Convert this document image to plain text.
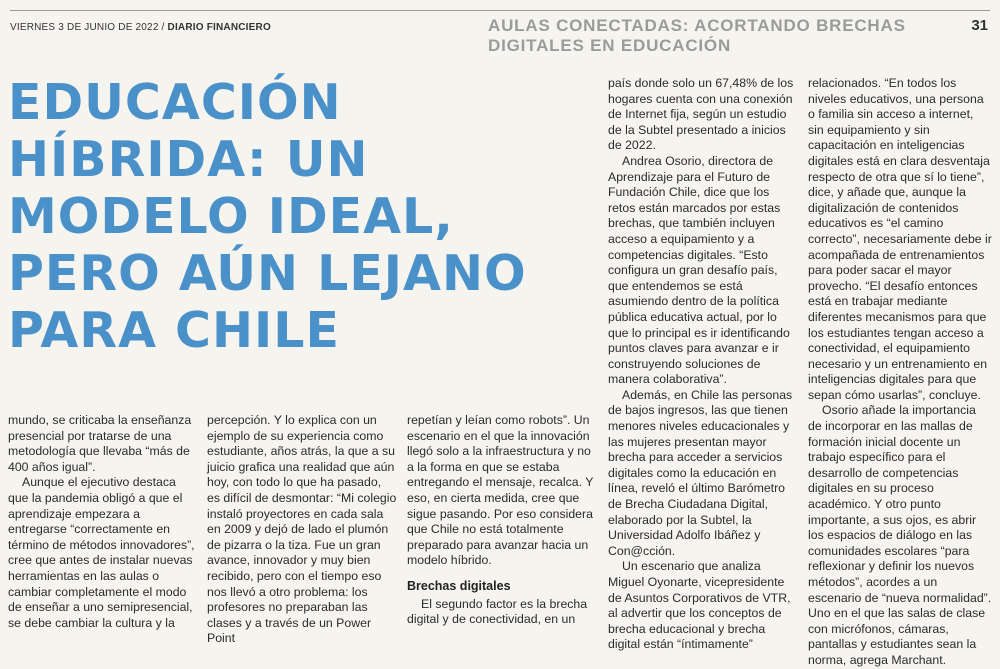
VIERNES 3 DE JUNIO DE 2022 / DIARIO FINANCIERO	AULAS CONECTADAS: ACORTANDO BRECHAS DIGITALES EN EDUCACIÓN
31
EDUCACIÓN
HÍBRIDA: UN
MODELO IDEAL,
PERO AÚN LEJANO
PARA CHILE

mundo, se criticaba la enseñanza presencial por tratarse de una metodología que llevaba “más de 400 años igual”.

Aunque el ejecutivo destaca que la pandemia obligó a que el aprendizaje empezara a entregarse “correctamente en término de métodos innovadores”, cree que antes de instalar nuevas herramientas en las aulas o cambiar completamente el modo de enseñar a uno semipresencial, se debe cambiar la cultura y la

percepción. Y lo explica con un ejemplo de su experiencia como estudiante, años atrás, la que a su juicio grafica una realidad que aún hoy, con todo lo que ha pasado, es difícil de desmontar: “Mi colegio instaló proyectores en cada sala en 2009 y dejó de lado el plumón de pizarra o la tiza. Fue un gran avance, innovador y muy bien recibido, pero con el tiempo eso nos llevó a otro problema: los profesores no preparaban las clases y a través de un Power Point

repetían y leían como robots”. Un escenario en el que la innovación llegó solo a la infraestructura y no a la forma en que se estaba entregando el mensaje, recalca. Y eso, en cierta medida, cree que sigue pasando. Por eso considera que Chile no está totalmente preparado para avanzar hacia un modelo híbrido.

Brechas digitales

El segundo factor es la brecha digital y de conectividad, en un

país donde solo un 67,48% de los hogares cuenta con una conexión de Internet fija, según un estudio de la Subtel presentado a inicios de 2022.

Andrea Osorio, directora de Aprendizaje para el Futuro de Fundación Chile, dice que los retos están marcados por estas brechas, que también incluyen acceso a equipamiento y a competencias digitales. “Esto configura un gran desafío país, que entendemos se está asumiendo dentro de la política pública educativa actual, por lo que lo principal es ir identificando puntos claves para avanzar e ir construyendo soluciones de manera colaborativa”.

Además, en Chile las personas de bajos ingresos, las que tienen menores niveles educacionales y las mujeres presentan mayor brecha para acceder a servicios digitales como la educación en línea, reveló el último Barómetro de Brecha Ciudadana Digital, elaborado por la Subtel, la Universidad Adolfo Ibáñez y Con@cción.

Un escenario que analiza Miguel Oyonarte, vicepresidente de Asuntos Corporativos de VTR, al advertir que los conceptos de brecha educacional y brecha digital están “íntimamente”

relacionados. “En todos los niveles educativos, una persona o familia sin acceso a internet, sin equipamiento y sin capacitación en inteligencias digitales está en clara desventaja respecto de otra que sí lo tiene”, dice, y añade que, aunque la digitalización de contenidos educativos es “el camino correcto”, necesariamente debe ir acompañada de entrenamientos para poder sacar el mayor provecho. “El desafío entonces está en trabajar mediante diferentes mecanismos para que los estudiantes tengan acceso a conectividad, el equipamiento necesario y un entrenamiento en inteligencias digitales para que sepan cómo usarlas”, concluye.

Osorio añade la importancia de incorporar en las mallas de formación inicial docente un trabajo específico para el desarrollo de competencias digitales en su proceso académico. Y otro punto importante, a sus ojos, es abrir los espacios de diálogo en las comunidades escolares “para reflexionar y definir los nuevos métodos”, acordes a un escenario de “nueva normalidad”. Uno en el que las salas de clase con micrófonos, cámaras, pantallas y estudiantes sean la norma, agrega Marchant.
